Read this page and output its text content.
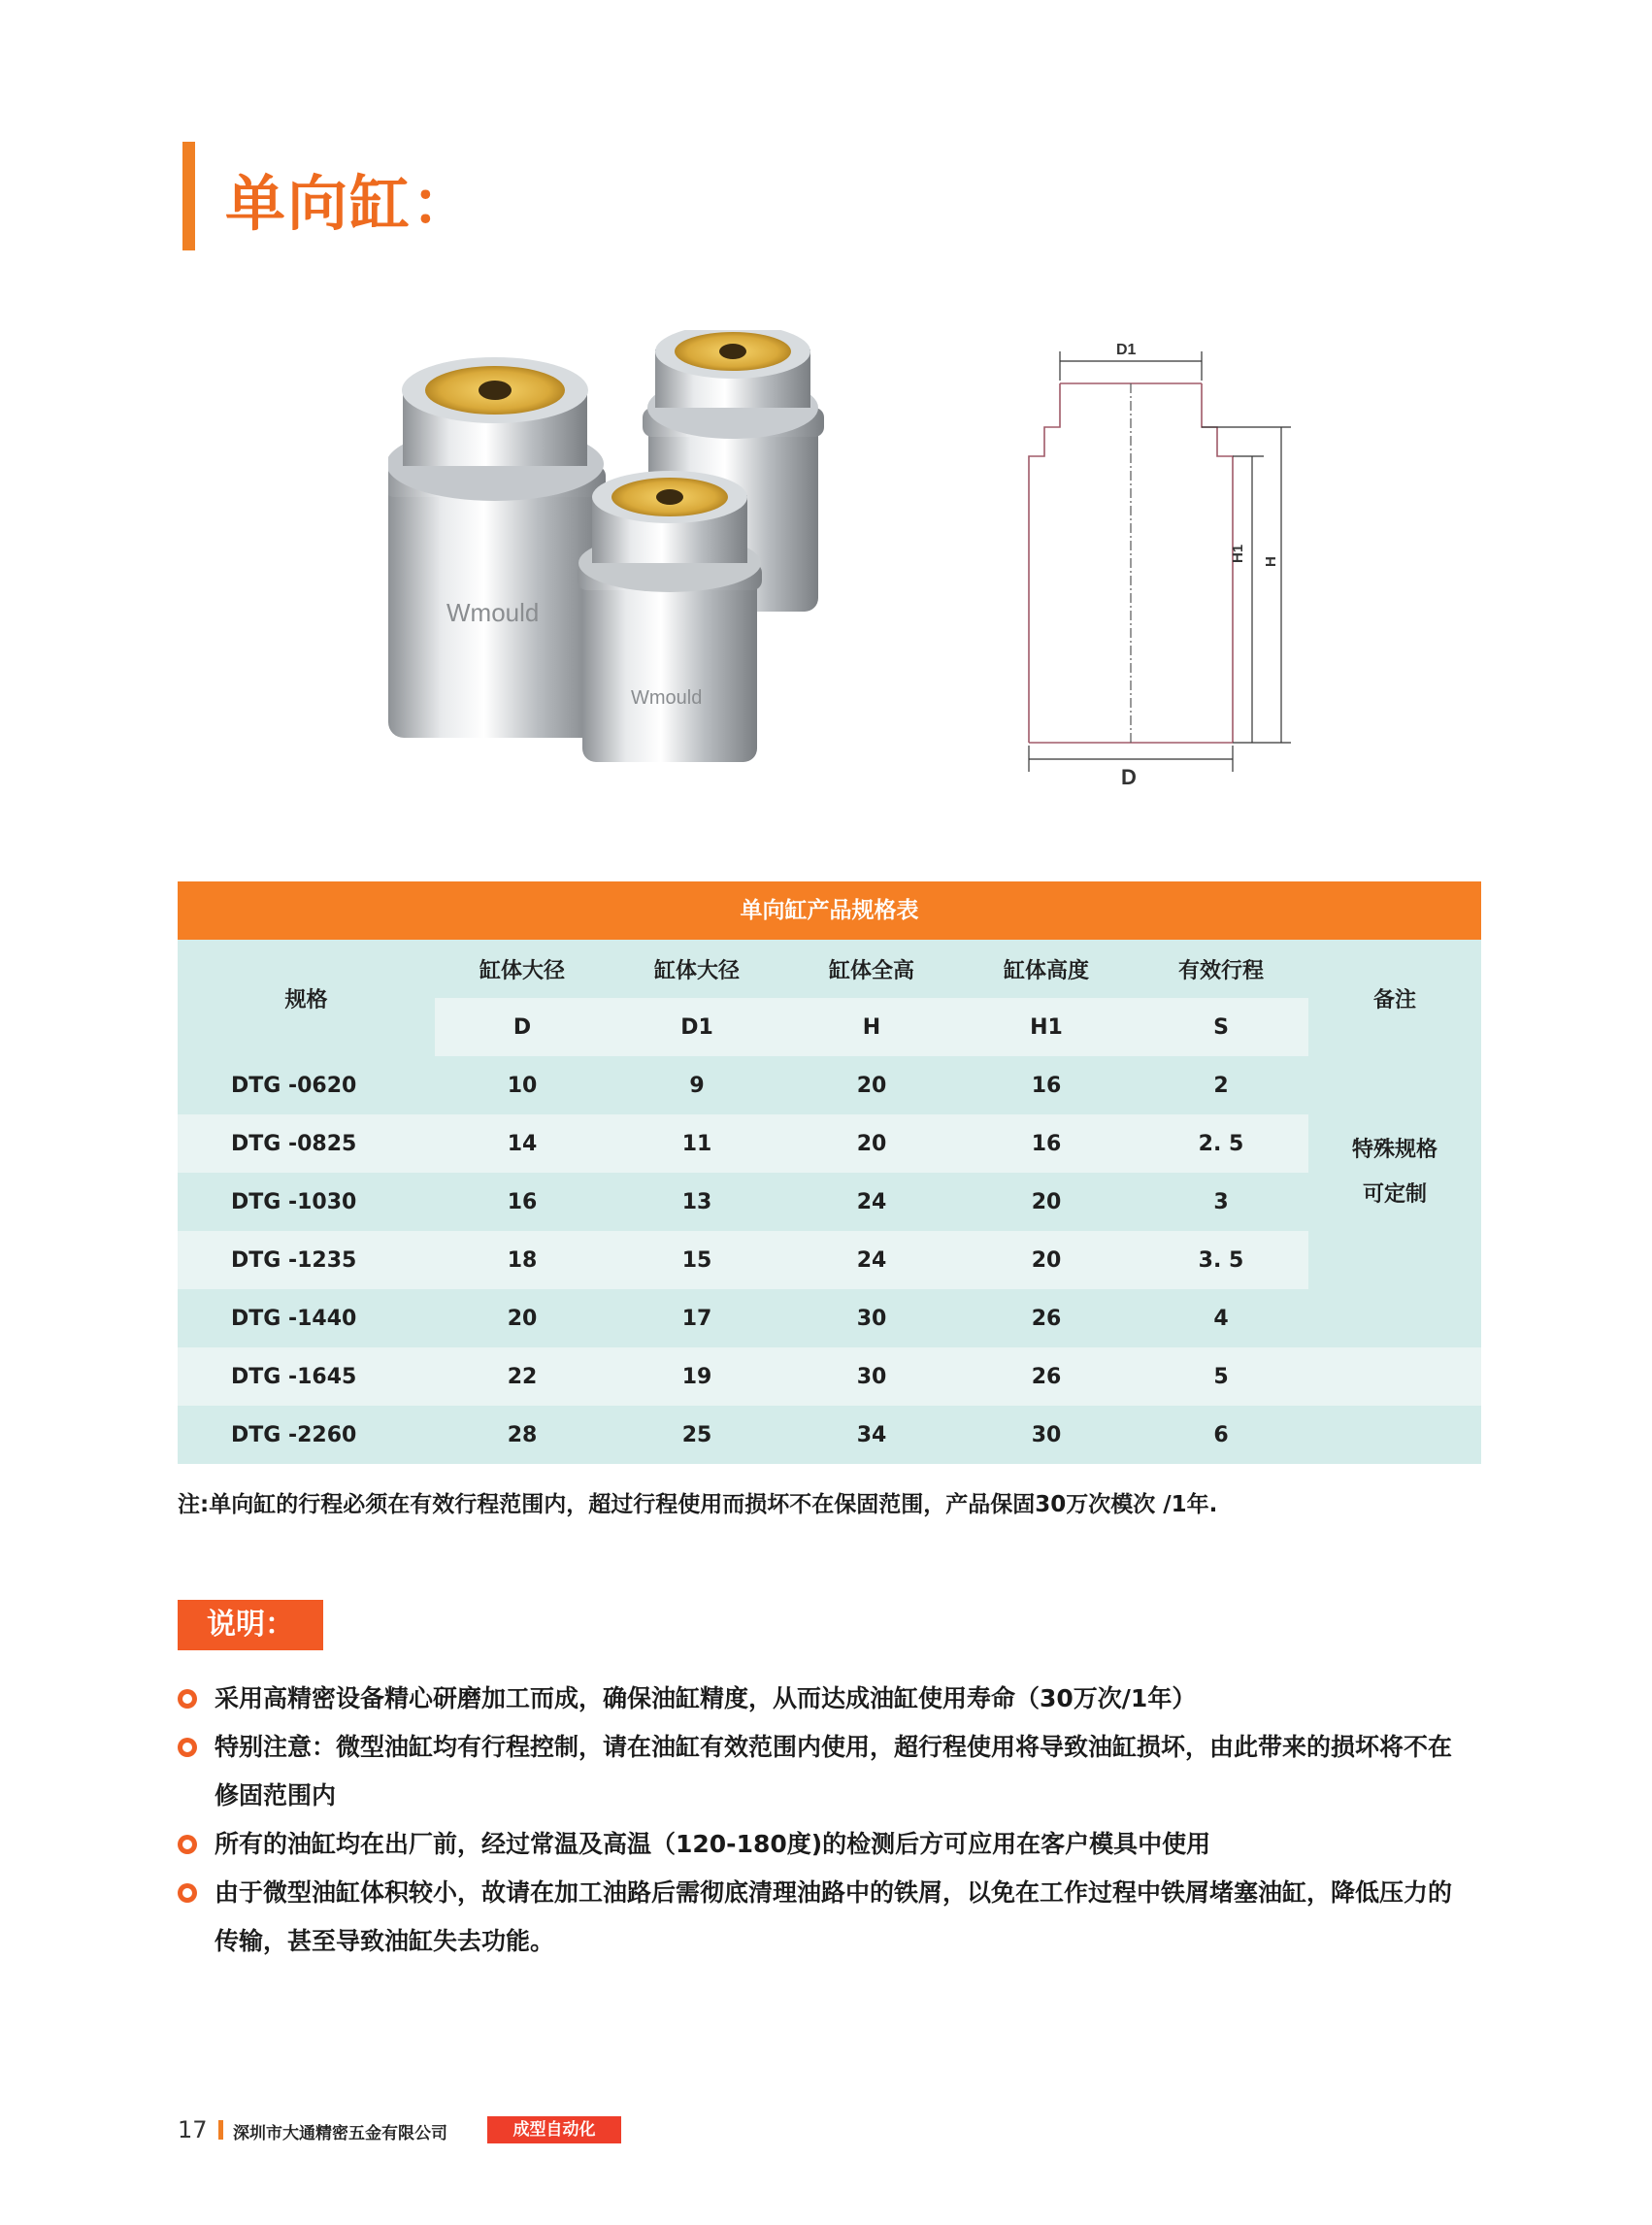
单向缸：
Wmould
Wmould
D1
D
H1 H
单向缸产品规格表
规格	缸体大径	缸体大径	缸体全高	缸体高度	有效行程	备注
	D	D1	H	H1	S	
DTG -0620	10	9	20	16	2	特殊规格
可定制

DTG -0825	14	11	20	16	2. 5	
DTG -1030	16	13	24	20	3	
DTG -1235	18	15	24	20	3. 5	
DTG -1440	20	17	30	26	4	
DTG -1645	22	19	30	26	5	
DTG -2260	28	25	34	30	6	
注:单向缸的行程必须在有效行程范围内，超过行程使用而损坏不在保固范围，产品保固30万次模次 /1年.
说明：
采用高精密设备精心研磨加工而成，确保油缸精度，从而达成油缸使用寿命（30万次/1年）
特别注意：微型油缸均有行程控制，请在油缸有效范围内使用，超行程使用将导致油缸损坏，由此带来的损坏将不在修固范围内
所有的油缸均在出厂前，经过常温及高温（120-180度)的检测后方可应用在客户模具中使用
由于微型油缸体积较小，故请在加工油路后需彻底清理油路中的铁屑，以免在工作过程中铁屑堵塞油缸，降低压力的传输，甚至导致油缸失去功能。
17 深圳市大通精密五金有限公司	成型自动化
